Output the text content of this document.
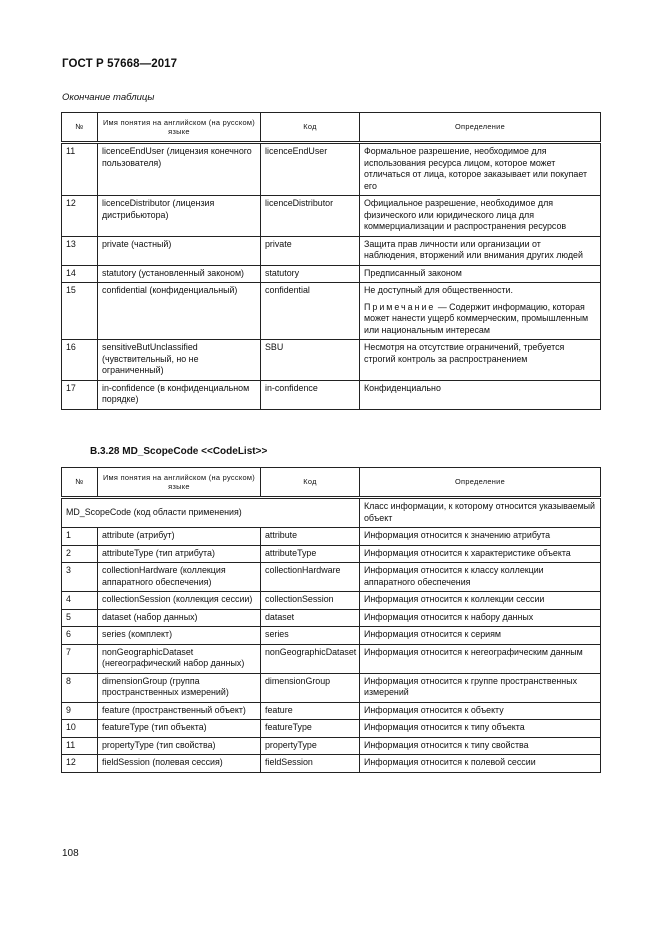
ГОСТ Р 57668—2017
Окончание таблицы
№	Имя понятия на английском (на русском) языке	Код	Определение
11	licenceEndUser (лицензия конечного пользователя)	licenceEndUser	Формальное разрешение, необходимое для использования ресурса лицом, которое может отличаться от лица, которое заказывает или покупает его
12	licenceDistributor (лицензия дистрибьютора)	licenceDistributor	Официальное разрешение, необходимое для физического или юридического лица для коммерциализации и распространения ресурсов
13	private (частный)	private	Защита прав личности или организации от наблюдения, вторжений или внимания других людей
14	statutory (установленный законом)	statutory	Предписанный законом
15	confidential (конфиденциальный)	confidential	Не доступный для общественности.
Примечание — Содержит информацию, которая может нанести ущерб коммерческим, промышленным или национальным интересам

16	sensitiveButUnclassified (чувствительный, но не ограниченный)	SBU	Несмотря на отсутствие ограничений, требуется строгий контроль за распространением
17	in-confidence (в конфиденциальном порядке)	in-confidence	Конфиденциально
B.3.28 MD_ScopeCode <<CodeList>>
№	Имя понятия на английском (на русском) языке	Код	Определение
MD_ScopeCode (код области применения)			Класс информации, к которому относится указываемый объект
1	attribute (атрибут)	attribute	Информация относится к значению атрибута
2	attributeType (тип атрибута)	attributeType	Информация относится к характеристике объекта
3	collectionHardware (коллекция аппаратного обеспечения)	collectionHardware	Информация относится к классу коллекции аппаратного обеспечения
4	collectionSession (коллекция сессии)	collectionSession	Информация относится к коллекции сессии
5	dataset (набор данных)	dataset	Информация относится к набору данных
6	series (комплект)	series	Информация относится к сериям
7	nonGeographicDataset (негеографический набор данных)	nonGeographicDataset	Информация относится к негеографическим данным
8	dimensionGroup (группа пространственных измерений)	dimensionGroup	Информация относится к группе пространственных измерений
9	feature (пространственный объект)	feature	Информация относится к объекту
10	featureType (тип объекта)	featureType	Информация относится к типу объекта
11	propertyType (тип свойства)	propertyType	Информация относится к типу свойства
12	fieldSession (полевая сессия)	fieldSession	Информация относится к полевой сессии
108
